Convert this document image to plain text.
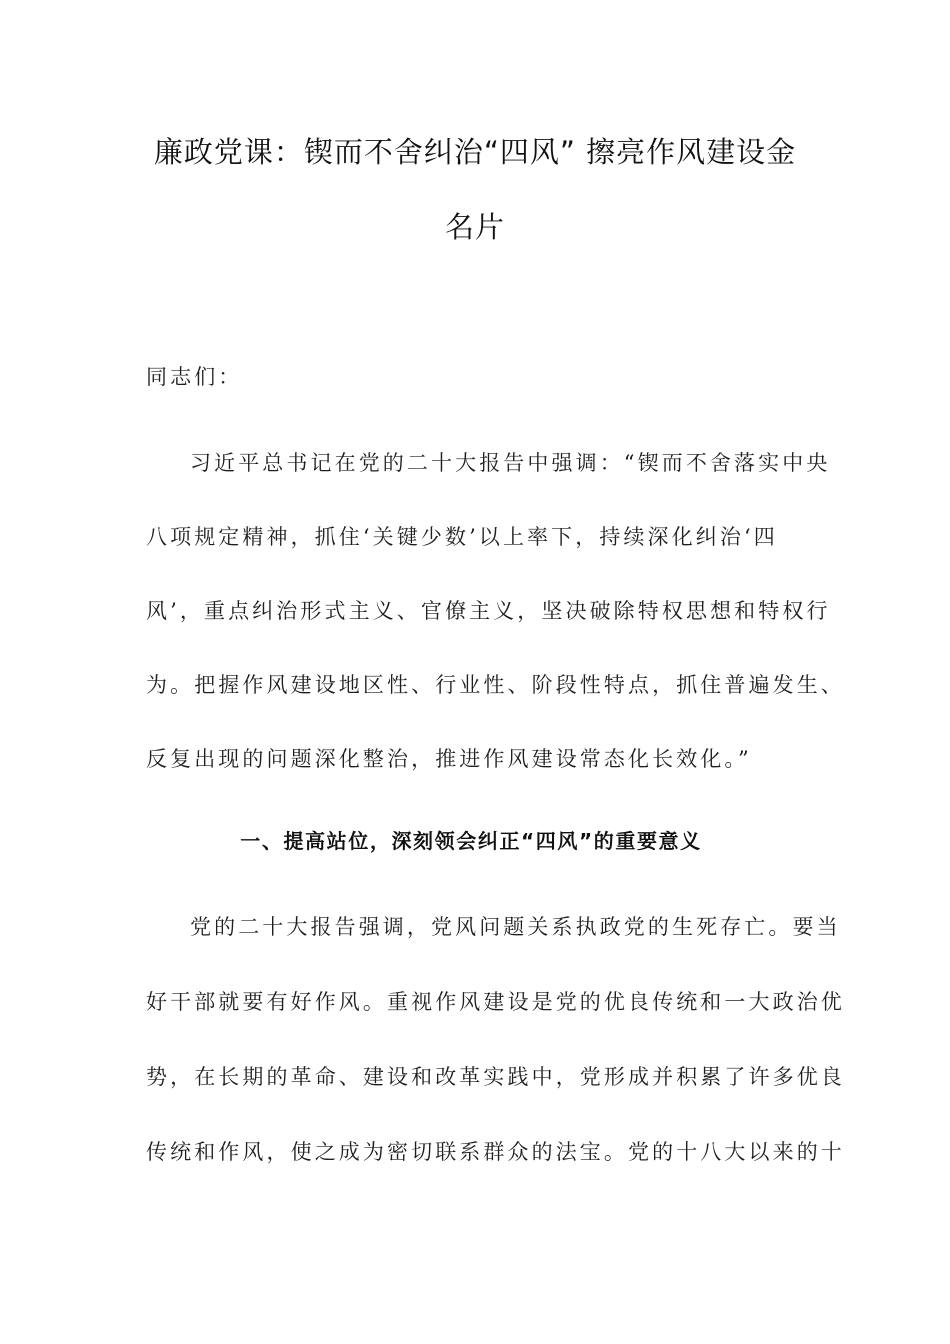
廉政党课：锲而不舍纠治“四风” 擦亮作风建设金
名片
同志们：
习近平总书记在党的二十大报告中强调：“锲而不舍落实中央
八项规定精神，抓住‘关键少数’以上率下，持续深化纠治‘四
风’，重点纠治形式主义、官僚主义，坚决破除特权思想和特权行
为。把握作风建设地区性、行业性、阶段性特点，抓住普遍发生、
反复出现的问题深化整治，推进作风建设常态化长效化。”
一、提高站位，深刻领会纠正“四风”的重要意义
党的二十大报告强调，党风问题关系执政党的生死存亡。要当
好干部就要有好作风。重视作风建设是党的优良传统和一大政治优
势，在长期的革命、建设和改革实践中，党形成并积累了许多优良
传统和作风，使之成为密切联系群众的法宝。党的十八大以来的十
